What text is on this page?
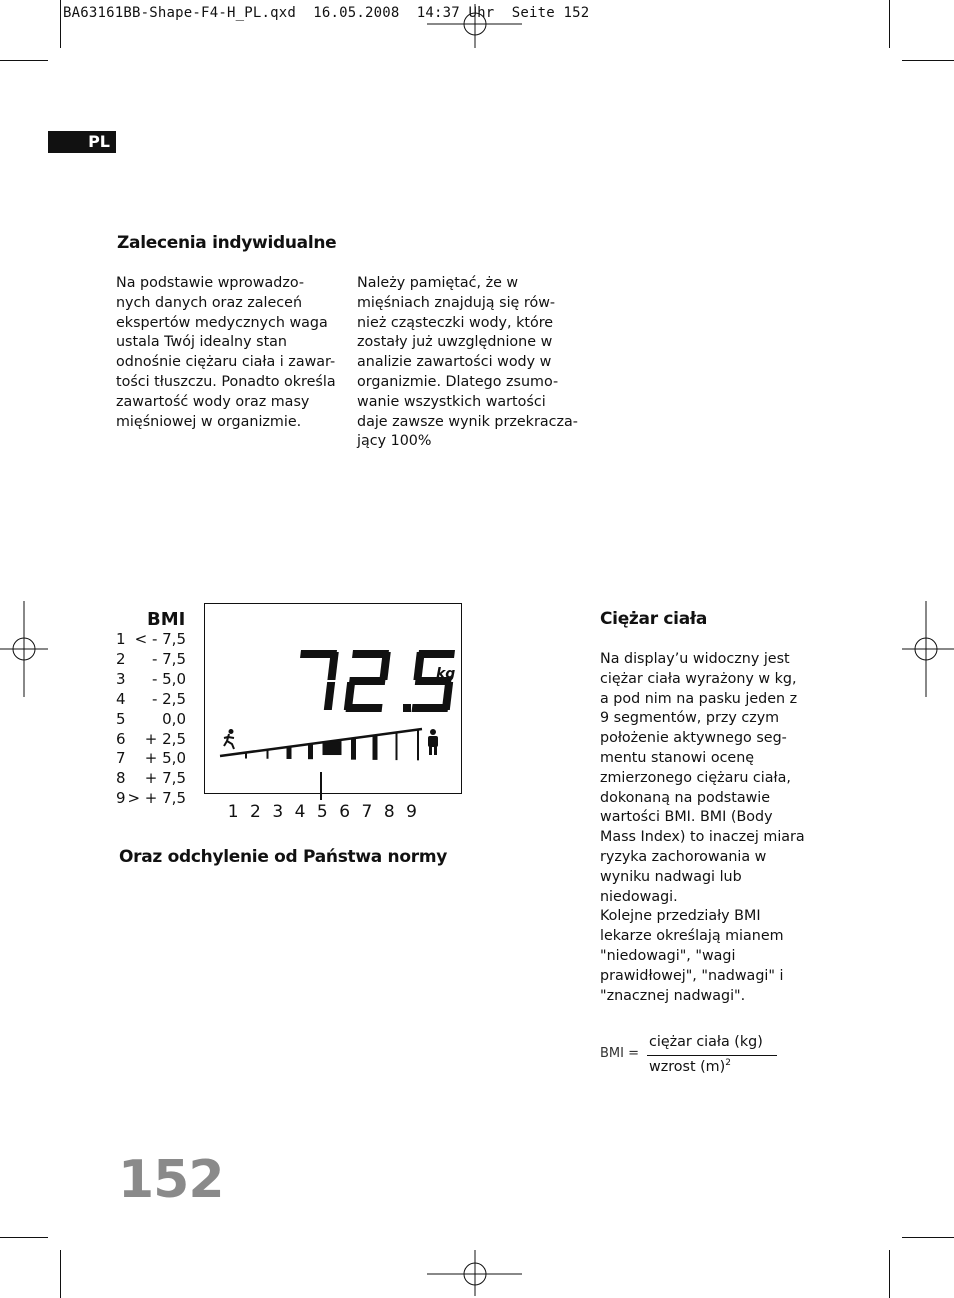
BA63161BB-Shape-F4-H_PL.qxd  16.05.2008  14:37 Uhr  Seite 152
PL
Zalecenia indywidualne
Na podstawie wprowadzo-
nych danych oraz zaleceń
ekspertów medycznych waga
ustala Twój idealny stan
odnośnie ciężaru ciała i zawar-
tości tłuszczu. Ponadto określa
zawartość wody oraz masy
mięśniowej w organizmie.
Należy pamiętać, że w
mięśniach znajdują się rów-
nież cząsteczki wody, które
zostały już uwzględnione w
analizie zawartości wody w
organizmie. Dlatego zsumo-
wanie wszystkich wartości
daje zawsze wynik przekracza-
jący 100%
BMI
1 < - 7,5
2 - 7,5
3 - 5,0
4 - 2,5
5 0,0
6 + 2,5
7 + 5,0
8 + 7,5
9 > + 7,5
kg
1 2 3 4 5 6 7 8 9
Oraz odchylenie od Państwa normy
Ciężar ciała
Na display’u widoczny jest
ciężar ciała wyrażony w kg,
a pod nim na pasku jeden z
9 segmentów, przy czym
położenie aktywnego seg-
mentu stanowi ocenę
zmierzonego ciężaru ciała,
dokonaną na podstawie
wartości BMI. BMI (Body
Mass Index) to inaczej miara
ryzyka zachorowania w
wyniku nadwagi lub
niedowagi.
Kolejne przedziały BMI
lekarze określają mianem
"niedowagi", "wagi
prawidłowej", "nadwagi" i
"znacznej nadwagi".
BMI =
ciężar ciała (kg)
wzrost $(m)^2$
152
